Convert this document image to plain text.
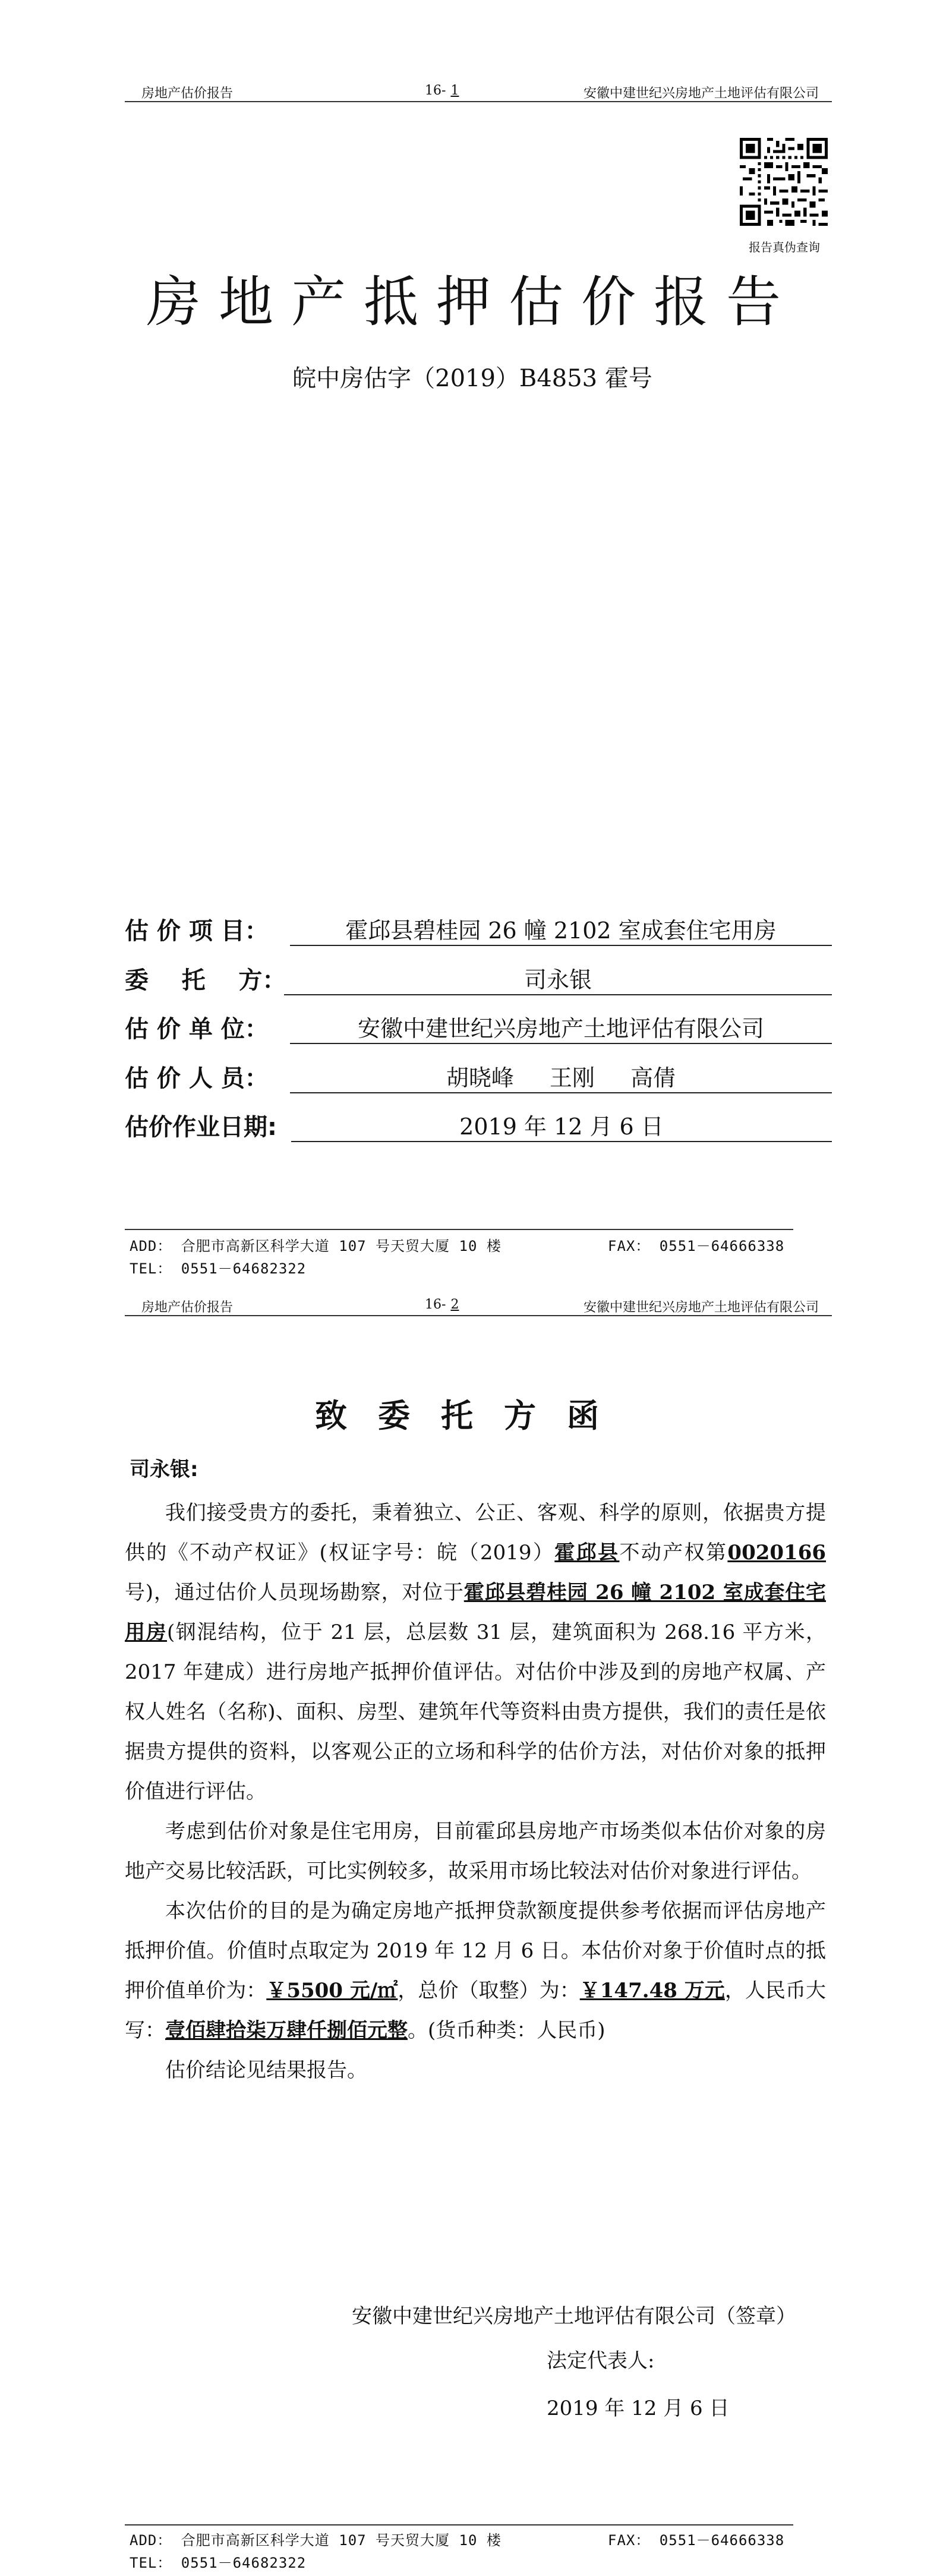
房地产估价报告	16- 1	安徽中建世纪兴房地产土地评估有限公司
报告真伪查询
房地产抵押估价报告
皖中房估字（2019）B4853 霍号
估 价 项 目：	霍邱县碧桂园 26 幢 2102 室成套住宅用房
委    托    方：	司永银
估 价 单 位：	安徽中建世纪兴房地产土地评估有限公司
估 价 人 员：	胡晓峰 王刚 高倩
估价作业日期:	2019 年 12 月 6 日
ADD： 合肥市高新区科学大道 107 号天贸大厦 10 楼	FAX： 0551－64666338
TEL： 0551－64682322
房地产估价报告	16- 2	安徽中建世纪兴房地产土地评估有限公司
致委托方函
司永银:

我们接受贵方的委托，秉着独立、公正、客观、科学的原则，依据贵方提供的《不动产权证》(权证字号：皖（2019）霍邱县不动产权第0020166号)，通过估价人员现场勘察，对位于霍邱县碧桂园 26 幢 2102 室成套住宅用房(钢混结构，位于 21 层，总层数 31 层，建筑面积为 268.16 平方米，2017 年建成）进行房地产抵押价值评估。对估价中涉及到的房地产权属、产权人姓名（名称)、面积、房型、建筑年代等资料由贵方提供，我们的责任是依据贵方提供的资料，以客观公正的立场和科学的估价方法，对估价对象的抵押价值进行评估。

考虑到估价对象是住宅用房，目前霍邱县房地产市场类似本估价对象的房地产交易比较活跃，可比实例较多，故采用市场比较法对估价对象进行评估。

本次估价的目的是为确定房地产抵押贷款额度提供参考依据而评估房地产抵押价值。价值时点取定为 2019 年 12 月 6 日。本估价对象于价值时点的抵押价值单价为：￥5500 元/㎡，总价（取整）为：￥147.48 万元，人民币大写：壹佰肆拾柒万肆仟捌佰元整。(货币种类：人民币)

估价结论见结果报告。

安徽中建世纪兴房地产土地评估有限公司（签章）
法定代表人:
2019 年 12 月 6 日
ADD： 合肥市高新区科学大道 107 号天贸大厦 10 楼	FAX： 0551－64666338
TEL： 0551－64682322
